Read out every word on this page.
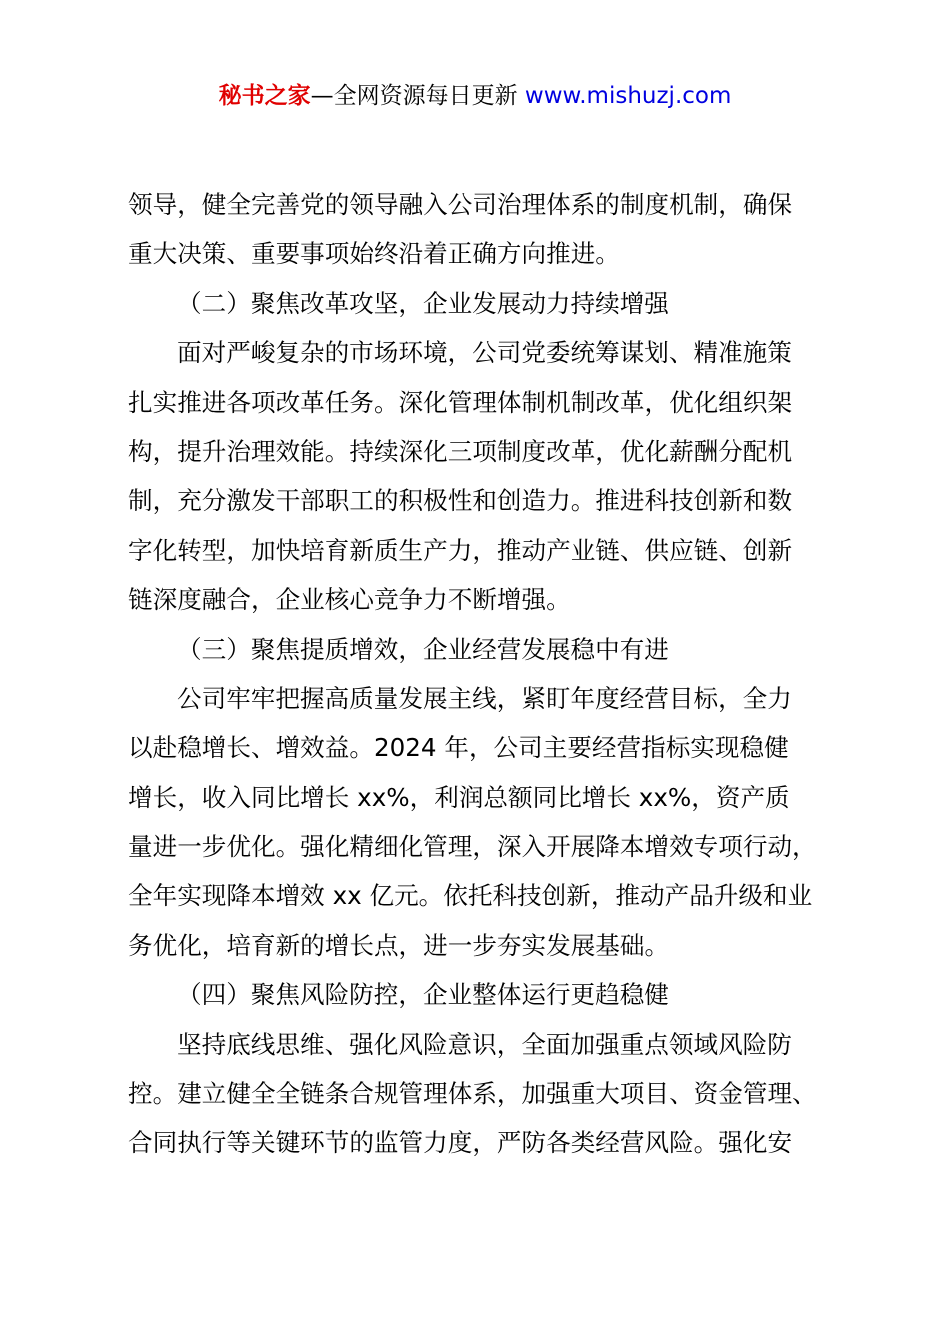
秘书之家—全网资源每日更新 www.mishuzj.com
领导，健全完善党的领导融入公司治理体系的制度机制，确保
重大决策、重要事项始终沿着正确方向推进。
（二）聚焦改革攻坚，企业发展动力持续增强
面对严峻复杂的市场环境，公司党委统筹谋划、精准施策
扎实推进各项改革任务。深化管理体制机制改革，优化组织架
构，提升治理效能。持续深化三项制度改革，优化薪酬分配机
制，充分激发干部职工的积极性和创造力。推进科技创新和数
字化转型，加快培育新质生产力，推动产业链、供应链、创新
链深度融合，企业核心竞争力不断增强。
（三）聚焦提质增效，企业经营发展稳中有进
公司牢牢把握高质量发展主线，紧盯年度经营目标，全力
以赴稳增长、增效益。2024 年，公司主要经营指标实现稳健
增长，收入同比增长 xx%，利润总额同比增长 xx%，资产质
量进一步优化。强化精细化管理，深入开展降本增效专项行动，
全年实现降本增效 xx 亿元。依托科技创新，推动产品升级和业
务优化，培育新的增长点，进一步夯实发展基础。
（四）聚焦风险防控，企业整体运行更趋稳健
坚持底线思维、强化风险意识，全面加强重点领域风险防
控。建立健全全链条合规管理体系，加强重大项目、资金管理、
合同执行等关键环节的监管力度，严防各类经营风险。强化安
